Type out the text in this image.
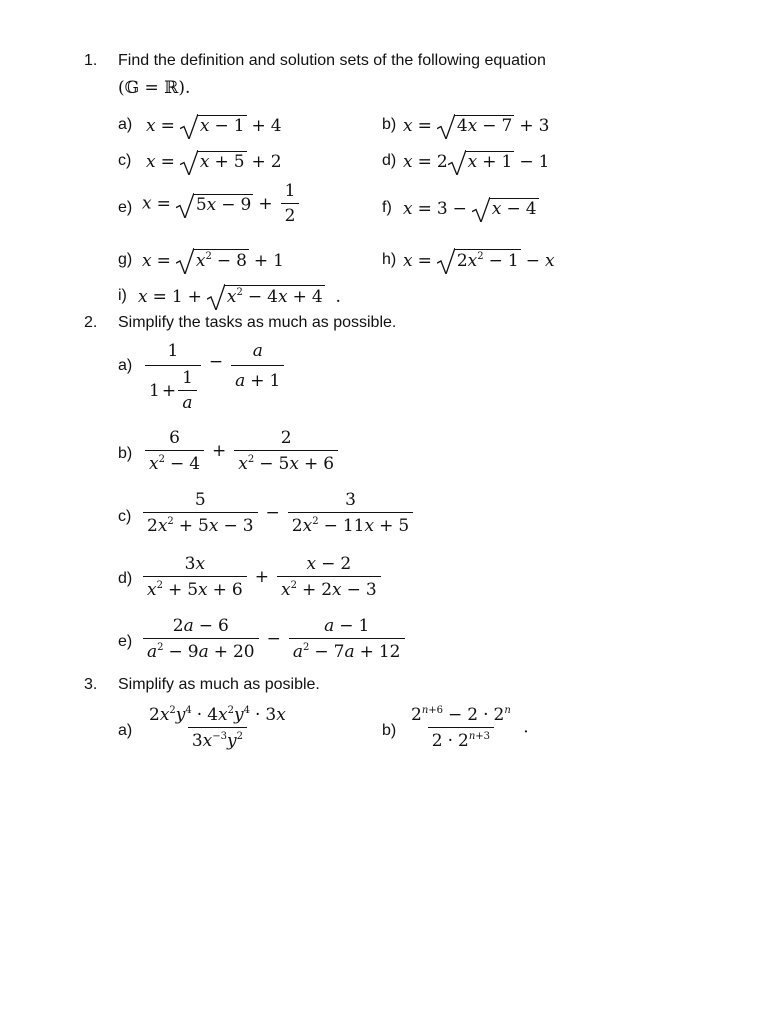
1. Find the definition and solution sets of the following equation
(𝔾 = ℝ).
a) x = x − 1 + 4	b) x = 4x − 7 + 3
c) x = x + 5 + 2	d) x = 2 x + 1 − 1
e) $x = 5x - 9 + \frac{1}{2}$	f) x = 3 − x − 4
g) $x = x^2 - 8 + 1$	h) $x = 2x^2 - 1 - x$
i) $x = 1 + x^2 - 4x + 4$  .
2. Simplify the tasks as much as possible.
$a) \frac{1}{1 + \frac{1}{a}} - \frac{a}{a + 1}$
$b) \frac{6}{x^2 - 4} + \frac{2}{x^2 - 5x + 6}$
$c) \frac{5}{2x^2 + 5x - 3} - \frac{3}{2x^2 - 11x + 5}$
$d) \frac{3x}{x^2 + 5x + 6} + \frac{x - 2}{x^2 + 2x - 3}$
$e) \frac{2a - 6}{a^2 - 9a + 20} - \frac{a - 1}{a^2 - 7a + 12}$
3. Simplify as much as posible.
$a) \frac{2x^2y^4 \cdot 4x^2y^4 \cdot 3x}{3x^{-3}y^2}$	$b) \frac{2^{n+6} - 2 \cdot 2^n}{2 \cdot 2^{n+3}}$ .
